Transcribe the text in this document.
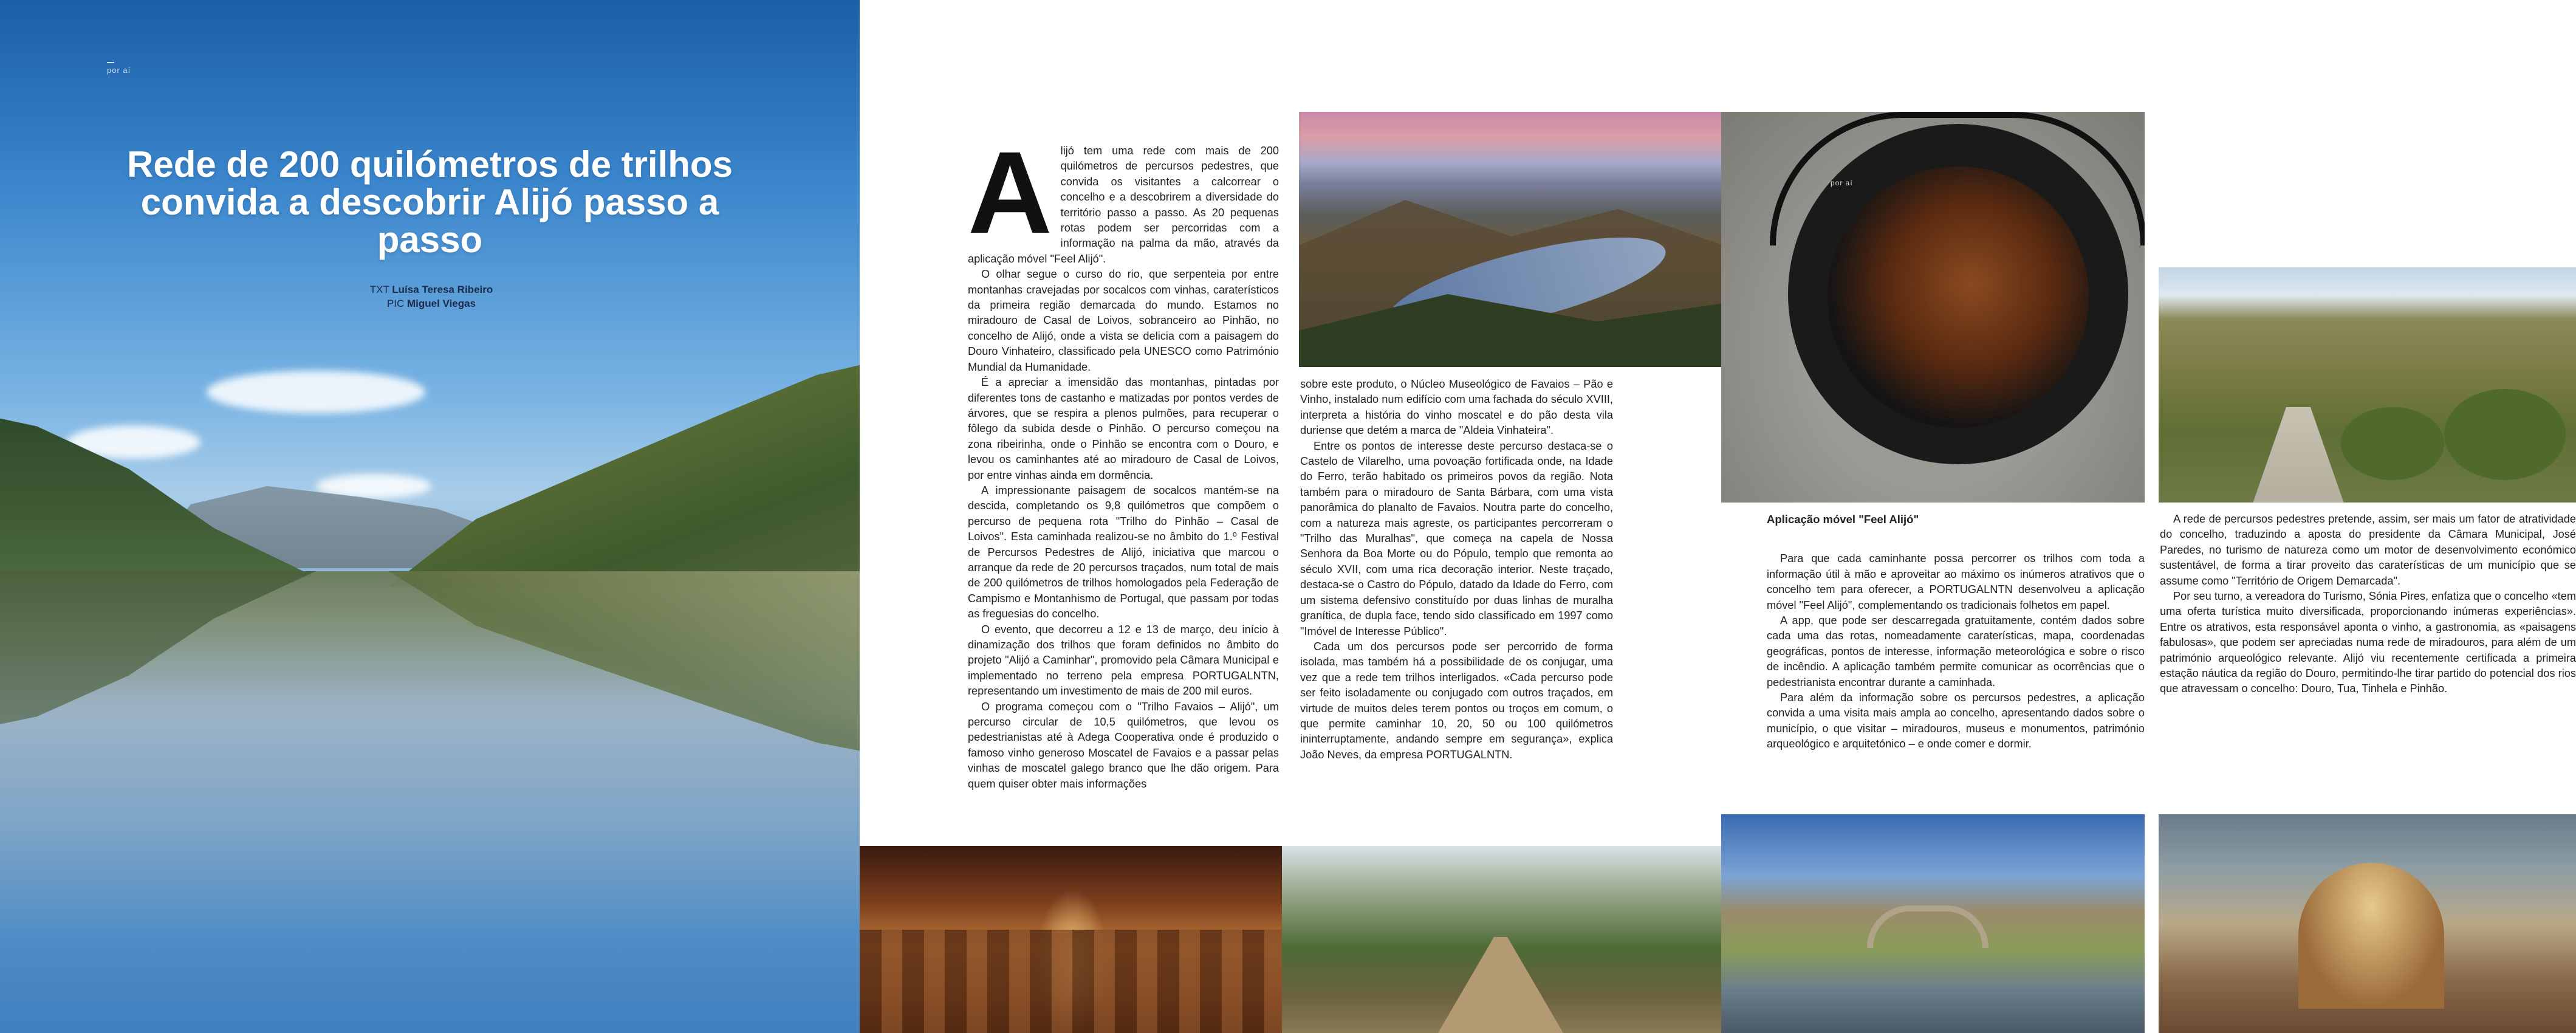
por aí
Rede de 200 quilómetros de trilhos convida a descobrir Alijó passo a passo
TXT Luísa Teresa Ribeiro
PIC Miguel Viegas
por aí
A lijó tem uma rede com mais de 200 quilómetros de percursos pedestres, que convida os visitantes a calcorrear o concelho e a descobrirem a diversidade do território passo a passo. As 20 pequenas rotas podem ser percorridas com a informação na palma da mão, através da aplicação móvel "Feel Alijó".

O olhar segue o curso do rio, que serpenteia por entre montanhas cravejadas por socalcos com vinhas, caraterísticos da primeira região demarcada do mundo. Estamos no miradouro de Casal de Loivos, sobranceiro ao Pinhão, no concelho de Alijó, onde a vista se delicia com a paisagem do Douro Vinhateiro, classificado pela UNESCO como Património Mundial da Humanidade.

É a apreciar a imensidão das montanhas, pintadas por diferentes tons de castanho e matizadas por pontos verdes de árvores, que se respira a plenos pulmões, para recuperar o fôlego da subida desde o Pinhão. O percurso começou na zona ribeirinha, onde o Pinhão se encontra com o Douro, e levou os caminhantes até ao miradouro de Casal de Loivos, por entre vinhas ainda em dormência.

A impressionante paisagem de socalcos mantém-se na descida, completando os 9,8 quilómetros que compõem o percurso de pequena rota "Trilho do Pinhão – Casal de Loivos". Esta caminhada realizou-se no âmbito do 1.º Festival de Percursos Pedestres de Alijó, iniciativa que marcou o arranque da rede de 20 percursos traçados, num total de mais de 200 quilómetros de trilhos homologados pela Federação de Campismo e Montanhismo de Portugal, que passam por todas as freguesias do concelho.

O evento, que decorreu a 12 e 13 de março, deu início à dinamização dos trilhos que foram definidos no âmbito do projeto "Alijó a Caminhar", promovido pela Câmara Municipal e implementado no terreno pela empresa PORTUGALNTN, representando um investimento de mais de 200 mil euros.

O programa começou com o "Trilho Favaios – Alijó", um percurso circular de 10,5 quilómetros, que levou os pedestrianistas até à Adega Cooperativa onde é produzido o famoso vinho generoso Moscatel de Favaios e a passar pelas vinhas de moscatel galego branco que lhe dão origem. Para quem quiser obter mais informações

sobre este produto, o Núcleo Museológico de Favaios – Pão e Vinho, instalado num edifício com uma fachada do século XVIII, interpreta a história do vinho moscatel e do pão desta vila duriense que detém a marca de "Aldeia Vinhateira".

Entre os pontos de interesse deste percurso destaca-se o Castelo de Vilarelho, uma povoação fortificada onde, na Idade do Ferro, terão habitado os primeiros povos da região. Nota também para o miradouro de Santa Bárbara, com uma vista panorâmica do planalto de Favaios. Noutra parte do concelho, com a natureza mais agreste, os participantes percorreram o "Trilho das Muralhas", que começa na capela de Nossa Senhora da Boa Morte ou do Pópulo, templo que remonta ao século XVII, com uma rica decoração interior. Neste traçado, destaca-se o Castro do Pópulo, datado da Idade do Ferro, com um sistema defensivo constituído por duas linhas de muralha granítica, de dupla face, tendo sido classificado em 1997 como "Imóvel de Interesse Público".

Cada um dos percursos pode ser percorrido de forma isolada, mas também há a possibilidade de os conjugar, uma vez que a rede tem trilhos interligados. «Cada percurso pode ser feito isoladamente ou conjugado com outros traçados, em virtude de muitos deles terem pontos ou troços em comum, o que permite caminhar 10, 20, 50 ou 100 quilómetros ininterruptamente, andando sempre em segurança», explica João Neves, da empresa PORTUGALNTN.

Aplicação móvel "Feel Alijó"

Para que cada caminhante possa percorrer os trilhos com toda a informação útil à mão e aproveitar ao máximo os inúmeros atrativos que o concelho tem para oferecer, a PORTUGALNTN desenvolveu a aplicação móvel "Feel Alijó", complementando os tradicionais folhetos em papel.

A app, que pode ser descarregada gratuitamente, contém dados sobre cada uma das rotas, nomeadamente caraterísticas, mapa, coordenadas geográficas, pontos de interesse, informação meteorológica e sobre o risco de incêndio. A aplicação também permite comunicar as ocorrências que o pedestrianista encontrar durante a caminhada.

Para além da informação sobre os percursos pedestres, a aplicação convida a uma visita mais ampla ao concelho, apresentando dados sobre o município, o que visitar – miradouros, museus e monumentos, património arqueológico e arquitetónico – e onde comer e dormir.

A rede de percursos pedestres pretende, assim, ser mais um fator de atratividade do concelho, traduzindo a aposta do presidente da Câmara Municipal, José Paredes, no turismo de natureza como um motor de desenvolvimento económico sustentável, de forma a tirar proveito das caraterísticas de um município que se assume como "Território de Origem Demarcada".

Por seu turno, a vereadora do Turismo, Sónia Pires, enfatiza que o concelho «tem uma oferta turística muito diversificada, proporcionando inúmeras experiências». Entre os atrativos, esta responsável aponta o vinho, a gastronomia, as «paisagens fabulosas», que podem ser apreciadas numa rede de miradouros, para além de um património arqueológico relevante. Alijó viu recentemente certificada a primeira estação náutica da região do Douro, permitindo-lhe tirar partido do potencial dos rios que atravessam o concelho: Douro, Tua, Tinhela e Pinhão.
